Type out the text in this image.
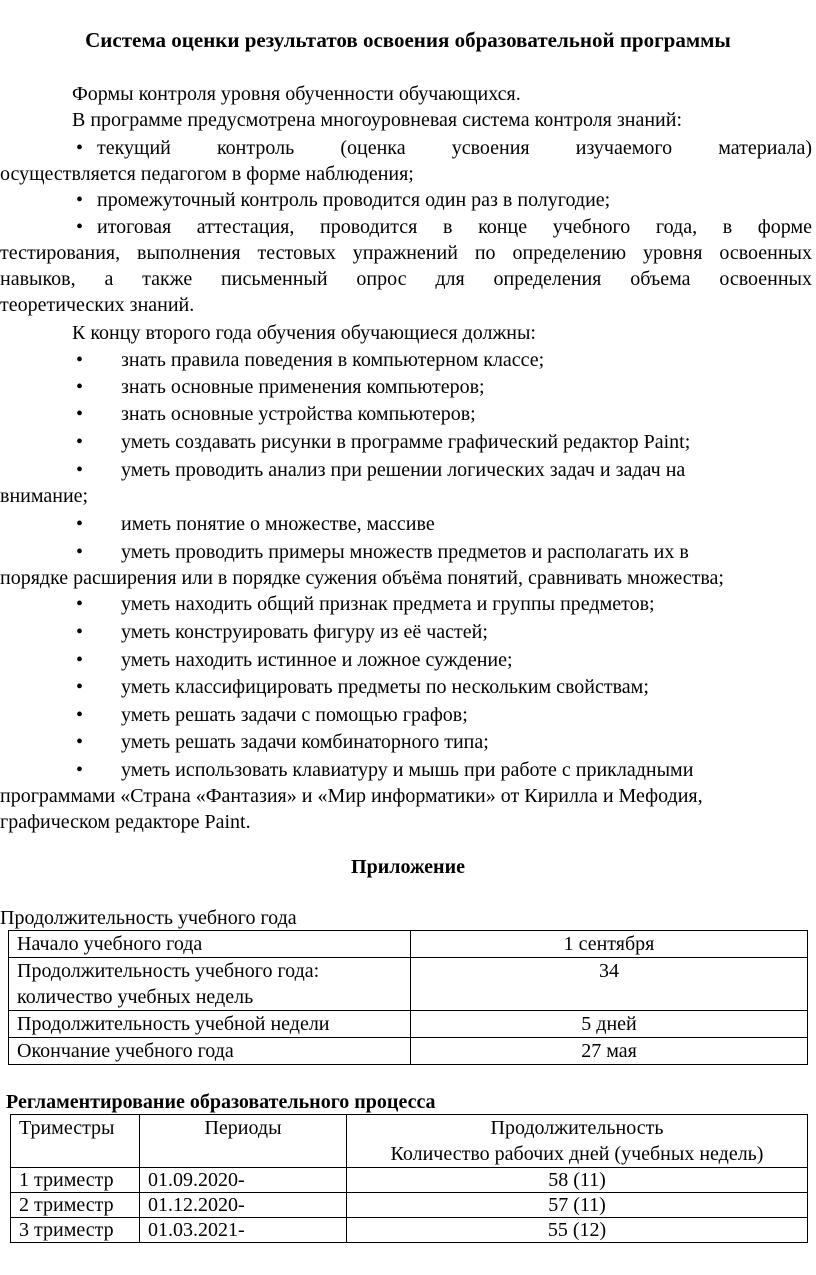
Система оценки результатов освоения образовательной программы
Формы контроля уровня обученности обучающихся.
В программе предусмотрена многоуровневая система контроля знаний:
• текущий контроль (оценка усвоения изучаемого материала)
осуществляется педагогом в форме наблюдения;
• промежуточный контроль проводится один раз в полугодие;
• итоговая аттестация, проводится в конце учебного года, в форме
тестирования, выполнения тестовых упражнений по определению уровня освоенных
навыков, а также письменный опрос для определения объема освоенных
теоретических знаний.
К концу второго года обучения обучающиеся должны:
• знать правила поведения в компьютерном классе;
• знать основные применения компьютеров;
• знать основные устройства компьютеров;
• уметь создавать рисунки в программе графический редактор Paint;
• уметь проводить анализ при решении логических задач и задач на
внимание;
• иметь понятие о множестве, массиве
• уметь проводить примеры множеств предметов и располагать их в
порядке расширения или в порядке сужения объёма понятий, сравнивать множества;
• уметь находить общий признак предмета и группы предметов;
• уметь конструировать фигуру из её частей;
• уметь находить истинное и ложное суждение;
• уметь классифицировать предметы по нескольким свойствам;
• уметь решать задачи с помощью графов;
• уметь решать задачи комбинаторного типа;
• уметь использовать клавиатуру и мышь при работе с прикладными
программами «Страна «Фантазия» и «Мир информатики» от Кирилла и Мефодия,
графическом редакторе Paint.
Приложение
Продолжительность учебного года
Начало учебного года	1 сентября

Продолжительность учебного года:
количество учебных недель	34
Продолжительность учебной недели	5 дней
Окончание учебного года	27 мая
Регламентирование образовательного процесса
Триместры	Периоды	Продолжительность
Количество рабочих дней (учебных недель)

1 триместр	01.09.2020-	58 (11)
2 триместр	01.12.2020-	57 (11)
3 триместр	01.03.2021-	55 (12)
